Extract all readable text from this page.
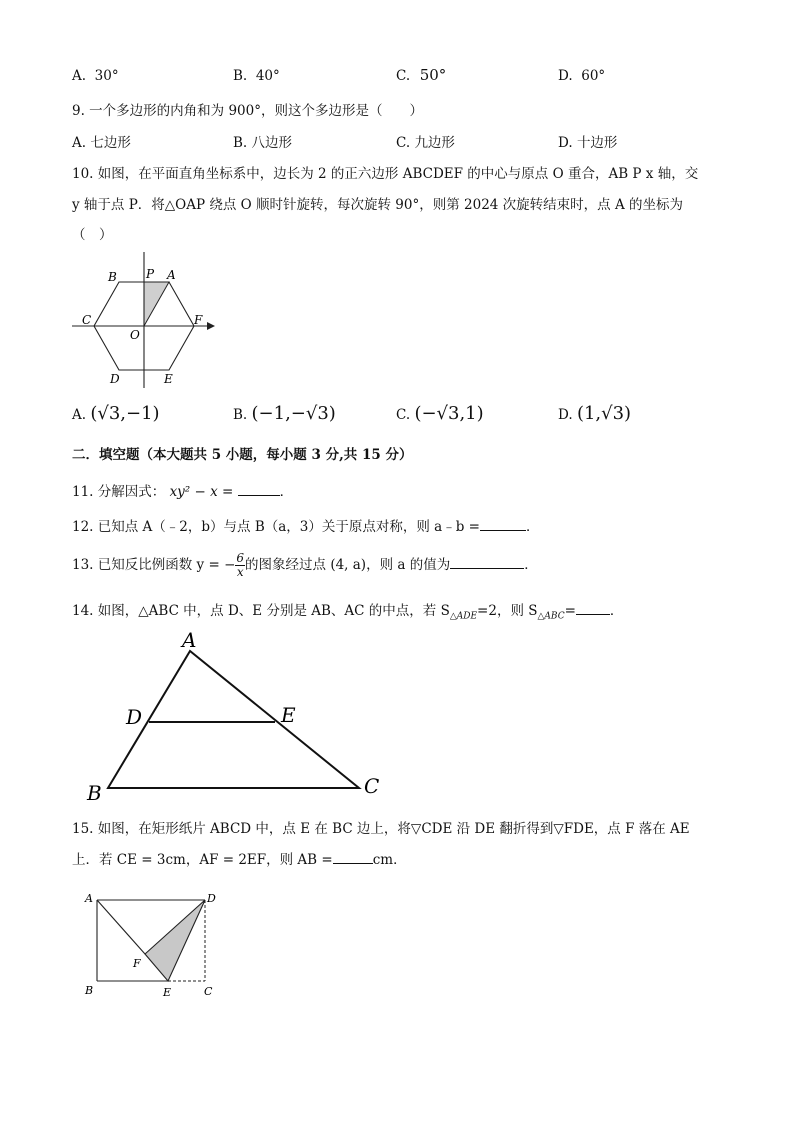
A. 30°	B. 40°	C. 50°	D. 60°
9. 一个多边形的内角和为 900°，则这个多边形是（　　）
A. 七边形	B. 八边形	C. 九边形	D. 十边形
10. 如图，在平面直角坐标系中，边长为 2 的正六边形 ABCDEF 的中心与原点 O 重合，AB P x 轴，交
y 轴于点 P．将△OAP 绕点 O 顺时针旋转，每次旋转 90°，则第 2024 次旋转结束时，点 A 的坐标为
（　）
B P A
C
O
F
D	E
A. (√3,−1)	B. (−1,−√3)	C. (−√3,1)	D. (1,√3)
二．填空题（本大题共 5 小题，每小题 3 分,共 15 分）
11. 分解因式： xy² − x =	．
12. 已知点 A（﹣2，b）与点 B（a，3）关于原点对称，则 a﹣b =	．
13. 已知反比例函数 y = − $\frac{6}{x}$ 的图象经过点 (4, a)，则 a 的值为	．
14. 如图，△ABC 中，点 D、E 分别是 AB、AC 的中点，若 $S_{\triangle ADE}=2$，则 $S_{\triangle ABC}=$	．
A
D	E
B	C
15. 如图，在矩形纸片 ABCD 中，点 E 在 BC 边上，将▽CDE 沿 DE 翻折得到▽FDE，点 F 落在 AE
上．若 CE = 3cm，AF = 2EF，则 AB =	cm．
A	D
F
B	E	C
